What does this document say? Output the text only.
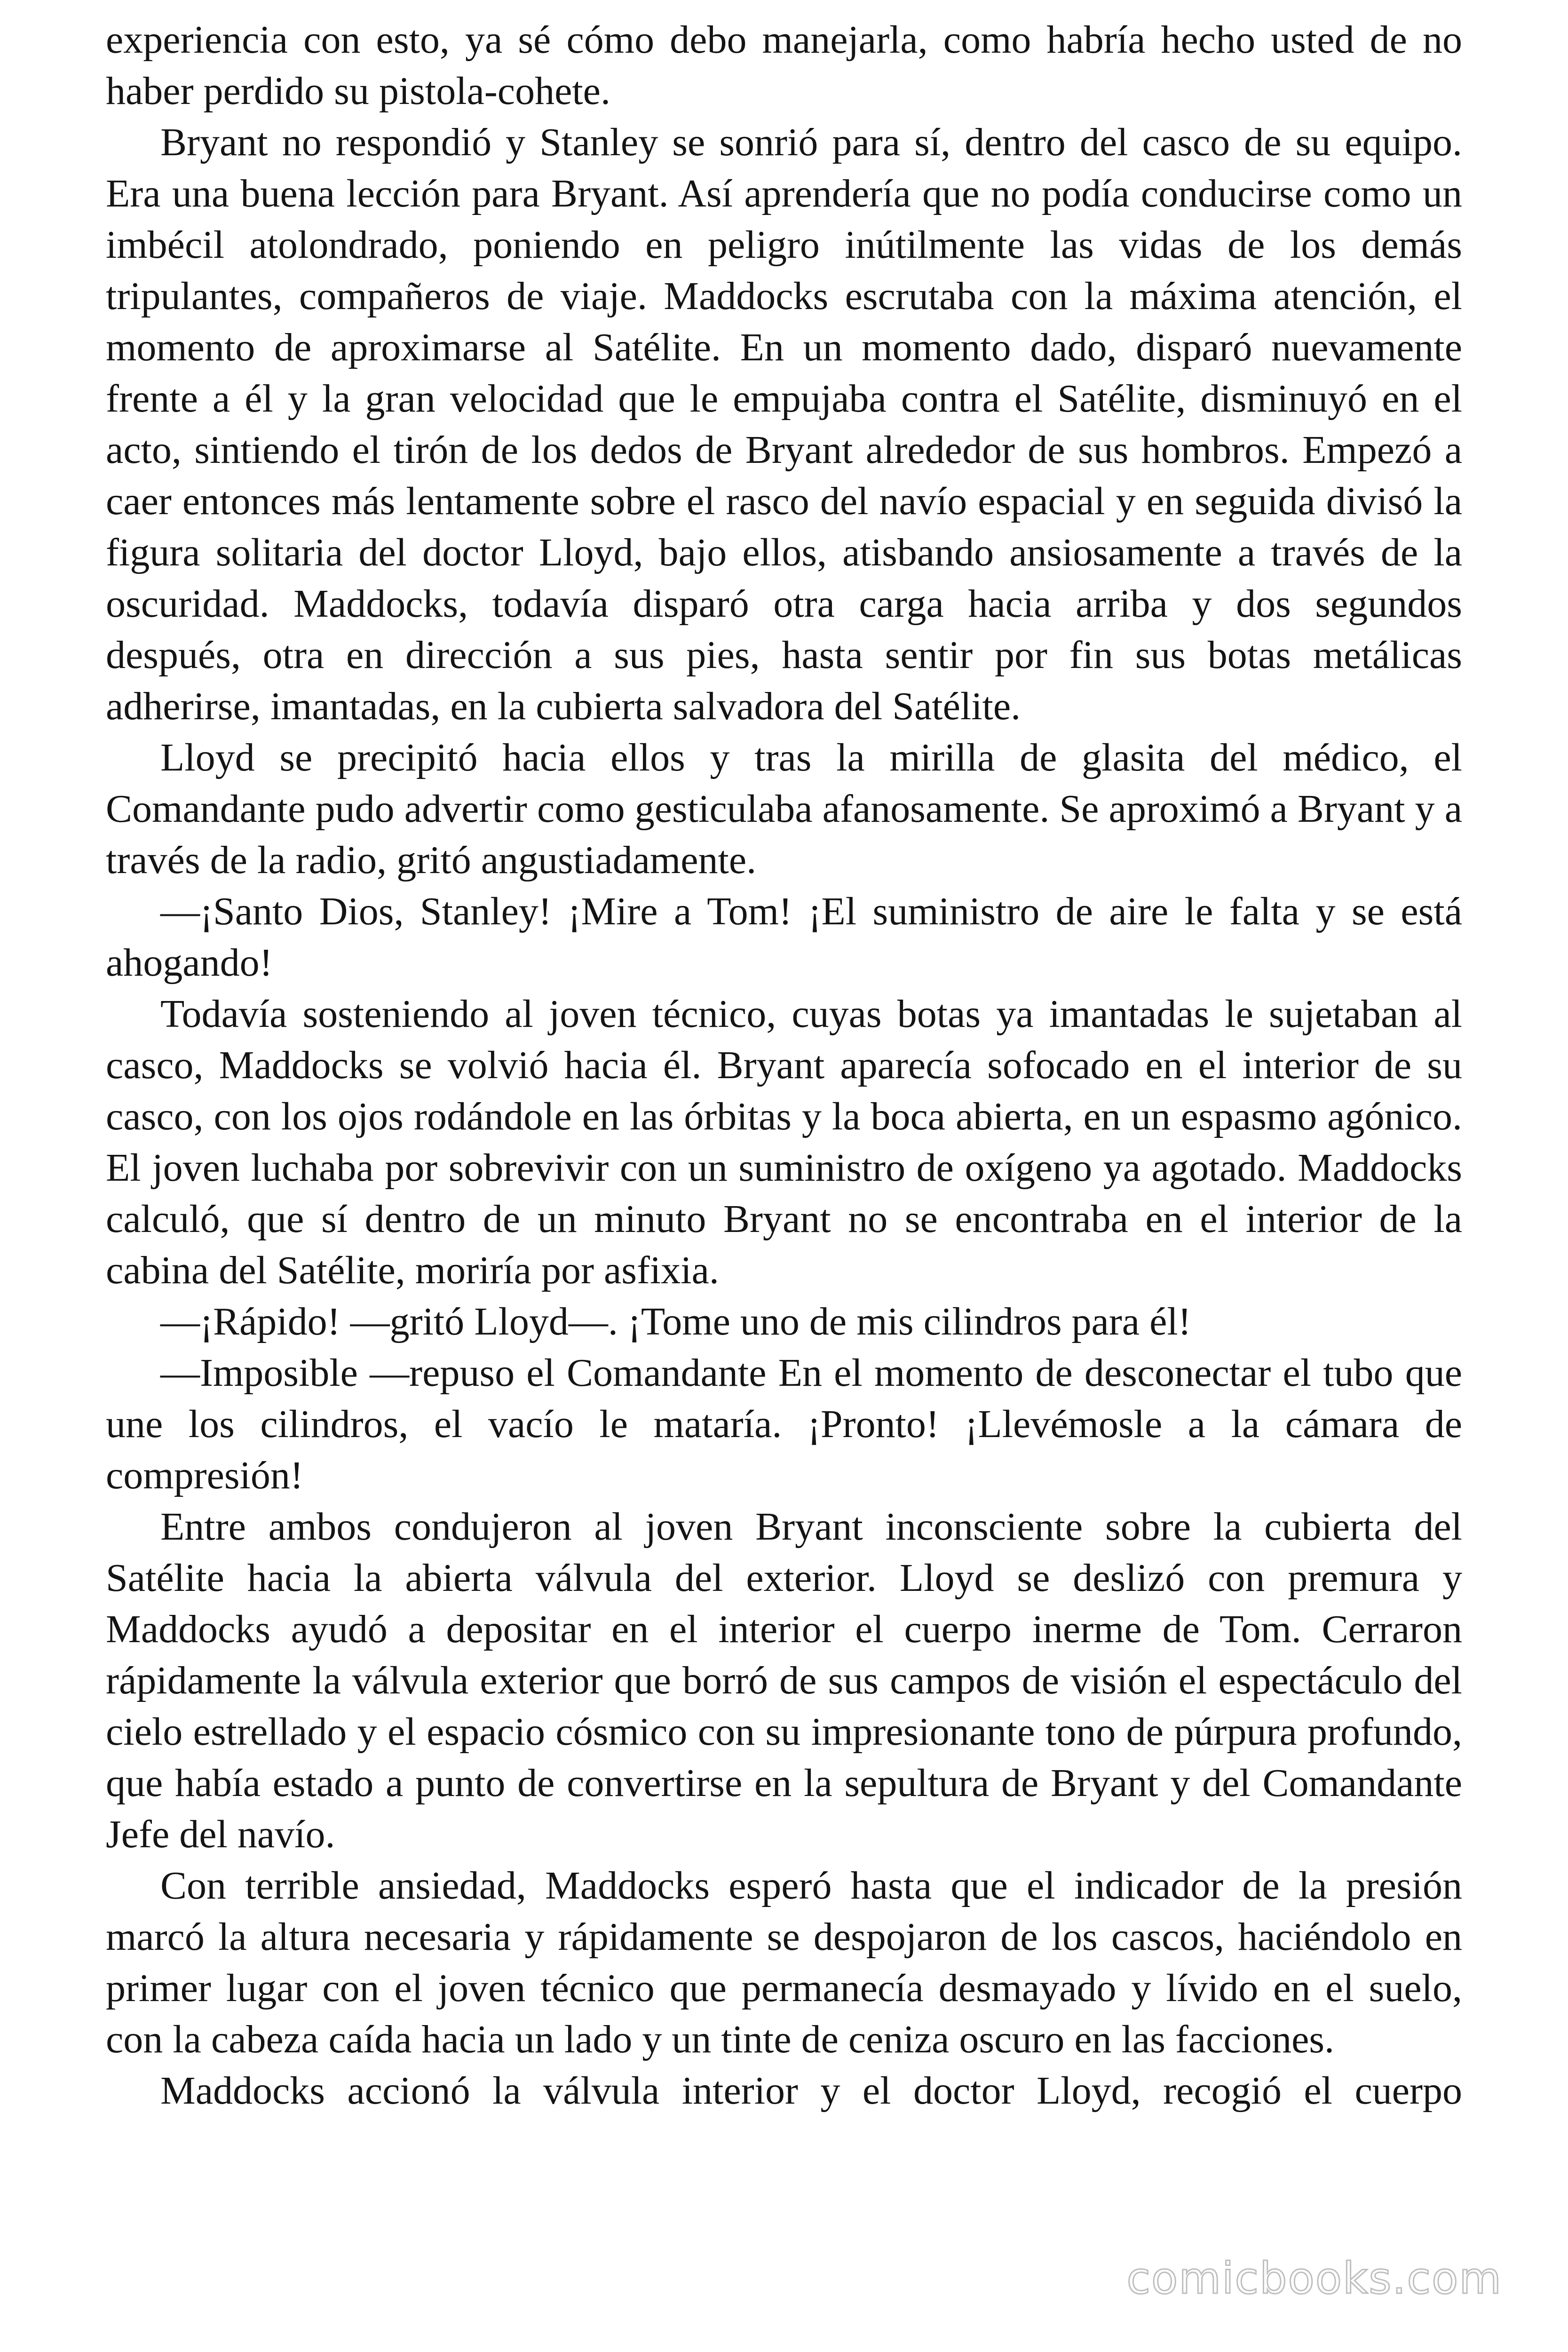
experiencia con esto, ya sé cómo debo manejarla, como habría hecho usted de no haber perdido su pistola-cohete.

Bryant no respondió y Stanley se sonrió para sí, dentro del casco de su equipo. Era una buena lección para Bryant. Así aprendería que no podía conducirse como un imbécil atolondrado, poniendo en peligro inútilmente las vidas de los demás tripulantes, compañeros de viaje. Maddocks escrutaba con la máxima atención, el momento de aproximarse al Satélite. En un momento dado, disparó nuevamente frente a él y la gran velocidad que le empujaba contra el Satélite, disminuyó en el acto, sintiendo el tirón de los dedos de Bryant alrededor de sus hombros. Empezó a caer entonces más lentamente sobre el rasco del navío espacial y en seguida divisó la figura solitaria del doctor Lloyd, bajo ellos, atisbando ansiosamente a través de la oscuridad. Maddocks, todavía disparó otra carga hacia arriba y dos segundos después, otra en dirección a sus pies, hasta sentir por fin sus botas metálicas adherirse, imantadas, en la cubierta salvadora del Satélite.

Lloyd se precipitó hacia ellos y tras la mirilla de glasita del médico, el Comandante pudo advertir como gesticulaba afanosamente. Se aproximó a Bryant y a través de la radio, gritó angustiadamente.

—¡Santo Dios, Stanley! ¡Mire a Tom! ¡El suministro de aire le falta y se está ahogando!

Todavía sosteniendo al joven técnico, cuyas botas ya imantadas le sujetaban al casco, Maddocks se volvió hacia él. Bryant aparecía sofocado en el interior de su casco, con los ojos rodándole en las órbitas y la boca abierta, en un espasmo agónico. El joven luchaba por sobrevivir con un suministro de oxígeno ya agotado. Maddocks calculó, que sí dentro de un minuto Bryant no se encontraba en el interior de la cabina del Satélite, moriría por asfixia.

—¡Rápido! —gritó Lloyd—. ¡Tome uno de mis cilindros para él!

—Imposible —repuso el Comandante En el momento de desconectar el tubo que une los cilindros, el vacío le mataría. ¡Pronto! ¡Llevémosle a la cámara de compresión!

Entre ambos condujeron al joven Bryant inconsciente sobre la cubierta del Satélite hacia la abierta válvula del exterior. Lloyd se deslizó con premura y Maddocks ayudó a depositar en el interior el cuerpo inerme de Tom. Cerraron rápidamente la válvula exterior que borró de sus campos de visión el espectáculo del cielo estrellado y el espacio cósmico con su impresionante tono de púrpura profundo, que había estado a punto de convertirse en la sepultura de Bryant y del Comandante Jefe del navío.

Con terrible ansiedad, Maddocks esperó hasta que el indicador de la presión marcó la altura necesaria y rápidamente se despojaron de los cascos, haciéndolo en primer lugar con el joven técnico que permanecía desmayado y lívido en el suelo, con la cabeza caída hacia un lado y un tinte de ceniza oscuro en las facciones.

Maddocks accionó la válvula interior y el doctor Lloyd, recogió el cuerpo

comicbooks.com
